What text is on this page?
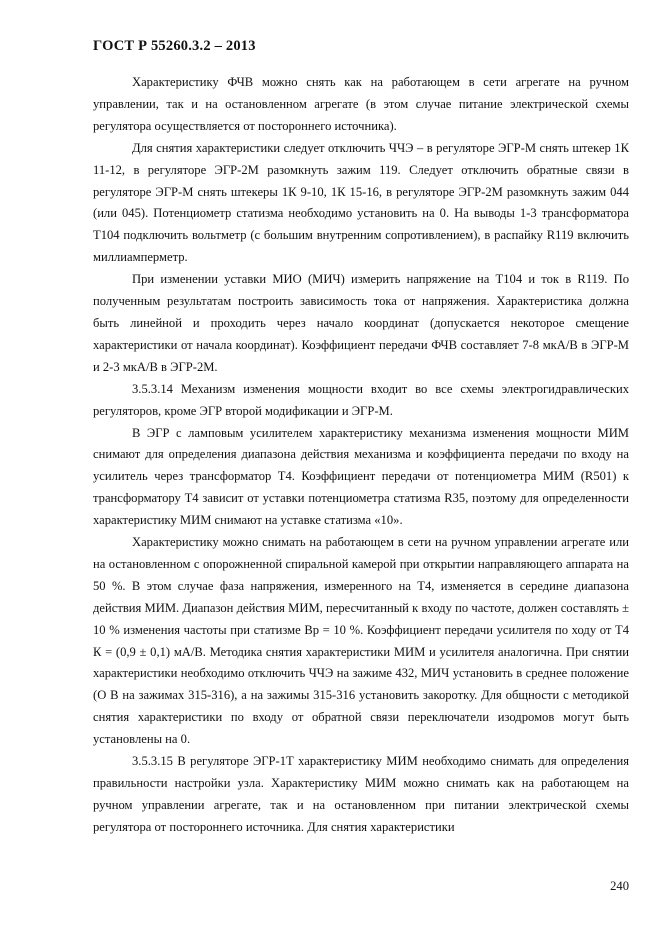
ГОСТ Р 55260.3.2 – 2013

Характеристику ФЧВ можно снять как на работающем в сети агрегате на ручном управлении, так и на остановленном агрегате (в этом случае питание электрической схемы регулятора осуществляется от постороннего источника).

Для снятия характеристики следует отключить ЧЧЭ – в регуляторе ЭГР-М снять штекер 1К 11-12, в регуляторе ЭГР-2М разомкнуть зажим 119. Следует отключить обратные связи в регуляторе ЭГР-М снять штекеры 1К 9-10, 1К 15-16, в регуляторе ЭГР-2М разомкнуть зажим 044 (или 045). Потенциометр статизма необходимо установить на 0. На выводы 1-3 трансформатора Т104 подключить вольтметр (с большим внутренним сопротивлением), в распайку R119 включить миллиамперметр.

При изменении уставки МИО (МИЧ) измерить напряжение на Т104 и ток в R119. По полученным результатам построить зависимость тока от напряжения. Характеристика должна быть линейной и проходить через начало координат (допускается некоторое смещение характеристики от начала координат). Коэффициент передачи ФЧВ составляет 7-8 мкА/В в ЭГР-М и 2-3 мкА/В в ЭГР-2М.

3.5.3.14 Механизм изменения мощности входит во все схемы электрогидравлических регуляторов, кроме ЭГР второй модификации и ЭГР-М.

В ЭГР с ламповым усилителем характеристику механизма изменения мощности МИМ снимают для определения диапазона действия механизма и коэффициента передачи по входу на усилитель через трансформатор Т4. Коэффициент передачи от потенциометра МИМ (R501) к трансформатору Т4 зависит от уставки потенциометра статизма R35, поэтому для определенности характеристику МИМ снимают на уставке статизма «10».

Характеристику можно снимать на работающем в сети на ручном управлении агрегате или на остановленном с опорожненной спиральной камерой при открытии направляющего аппарата на 50 %. В этом случае фаза напряжения, измеренного на Т4, изменяется в середине диапазона действия МИМ. Диапазон действия МИМ, пересчитанный к входу по частоте, должен составлять ± 10 % изменения частоты при статизме Вр = 10 %. Коэффициент передачи усилителя по ходу от Т4 К = (0,9 ± 0,1) мА/В. Методика снятия характеристики МИМ и усилителя аналогична. При снятии характеристики необходимо отключить ЧЧЭ на зажиме 432, МИЧ установить в среднее положение (О В на зажимах 315-316), а на зажимы 315-316 установить закоротку. Для общности с методикой снятия характеристики по входу от обратной связи переключатели изодромов могут быть установлены на 0.

3.5.3.15 В регуляторе ЭГР-1Т характеристику МИМ необходимо снимать для определения правильности настройки узла. Характеристику МИМ можно снимать как на работающем на ручном управлении агрегате, так и на остановленном при питании электрической схемы регулятора от постороннего источника. Для снятия характеристики

240
